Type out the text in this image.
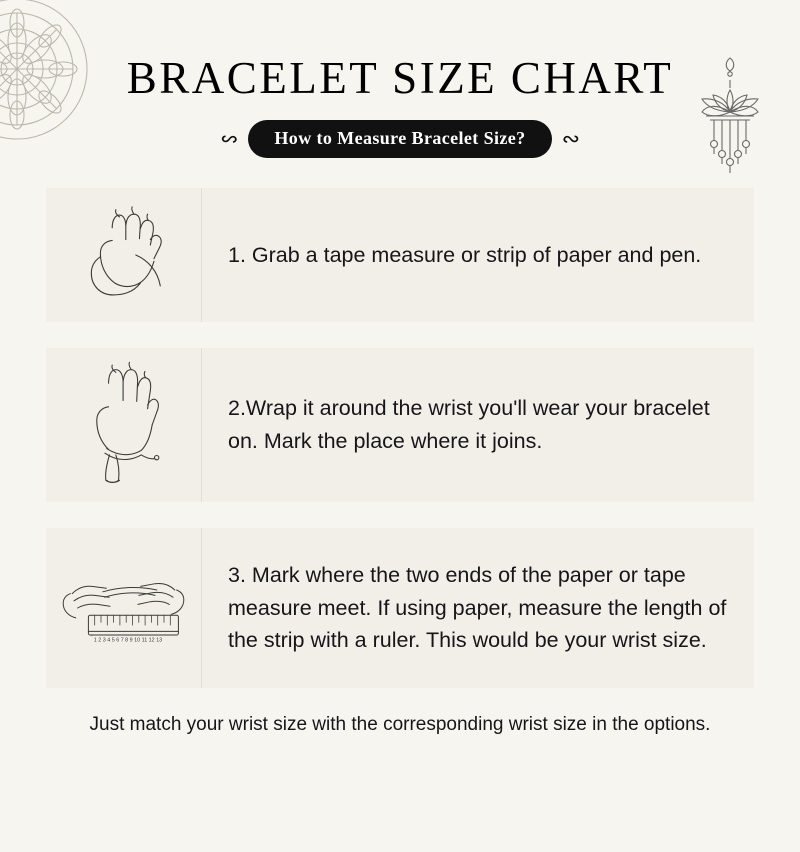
BRACELET SIZE CHART
∾	How to Measure Bracelet Size?	∾
1. Grab a tape measure or strip of paper and pen.
2.Wrap it around the wrist you'll wear your bracelet on. Mark the place where it joins.
1 2 3 4 5 6 7 8 9 10 11 12 13
3. Mark where the two ends of the paper or tape measure meet. If using paper, measure the length of the strip with a ruler. This would be your wrist size.
Just match your wrist size with the corresponding wrist size in the options.
